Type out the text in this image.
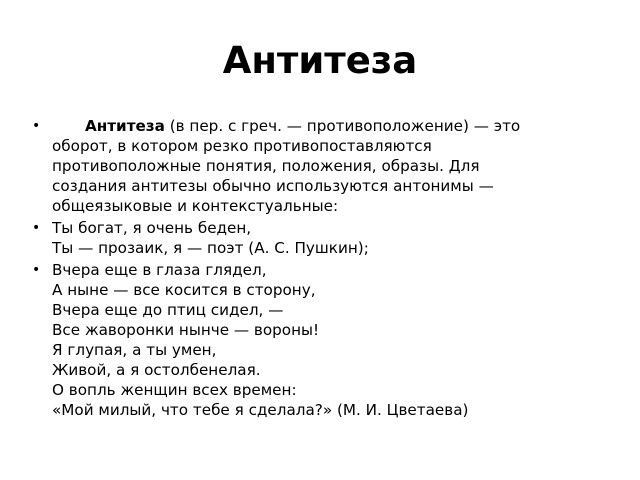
Антитеза
•	Антитеза (в пер. с греч. — противоположение) — это
оборот, в котором резко противопоставляются
противоположные понятия, положения, образы. Для
создания антитезы обычно используются антонимы —
общеязыковые и контекстуальные:
• Ты богат, я очень беден,
Ты — прозаик, я — поэт (А. С. Пушкин);
• Вчера еще в глаза глядел,
А ныне — все косится в сторону,
Вчера еще до птиц сидел, —
Все жаворонки нынче — вороны!
Я глупая, а ты умен,
Живой, а я остолбенелая.
О вопль женщин всех времен:
«Мой милый, что тебе я сделала?» (М. И. Цветаева)
